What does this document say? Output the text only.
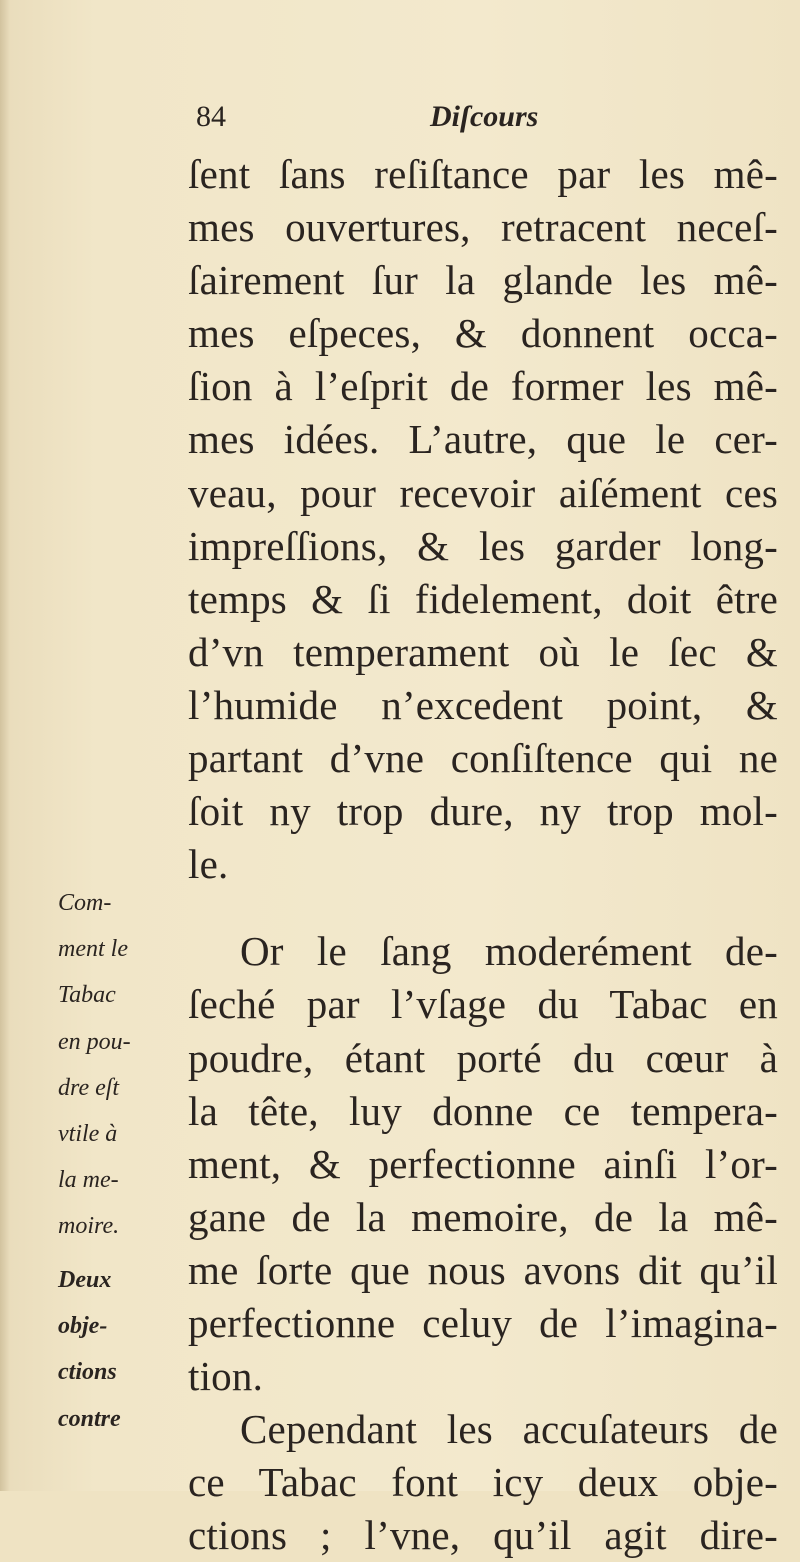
84	Diſcours
ſent ſans reſiſtance par les mê-
mes ouvertures, retracent neceſ-
ſairement ſur la glande les mê-
mes eſpeces, & donnent occa-
ſion à l’eſprit de former les mê-
mes idées. L’autre, que le cer-
veau, pour recevoir aiſément ces
impreſſions, & les garder long-
temps & ſi fidelement, doit être
d’vn temperament où le ſec &
l’humide n’excedent point, &
partant d’vne conſiſtence qui ne
ſoit ny trop dure, ny trop mol-
le.
Or le ſang moderément de-
ſeché par l’vſage du Tabac en
poudre, étant porté du cœur à
la tête, luy donne ce tempera-
ment, & perfectionne ainſi l’or-
gane de la memoire, de la mê-
me ſorte que nous avons dit qu’il
perfectionne celuy de l’imagina-
tion.
Cependant les accuſateurs de
ce Tabac font icy deux obje-
ctions ; l’vne, qu’il agit dire-
Com-
ment le
Tabac
en pou-
dre eſt
vtile à
la me-
moire.
Deux
obje-
ctions
contre
